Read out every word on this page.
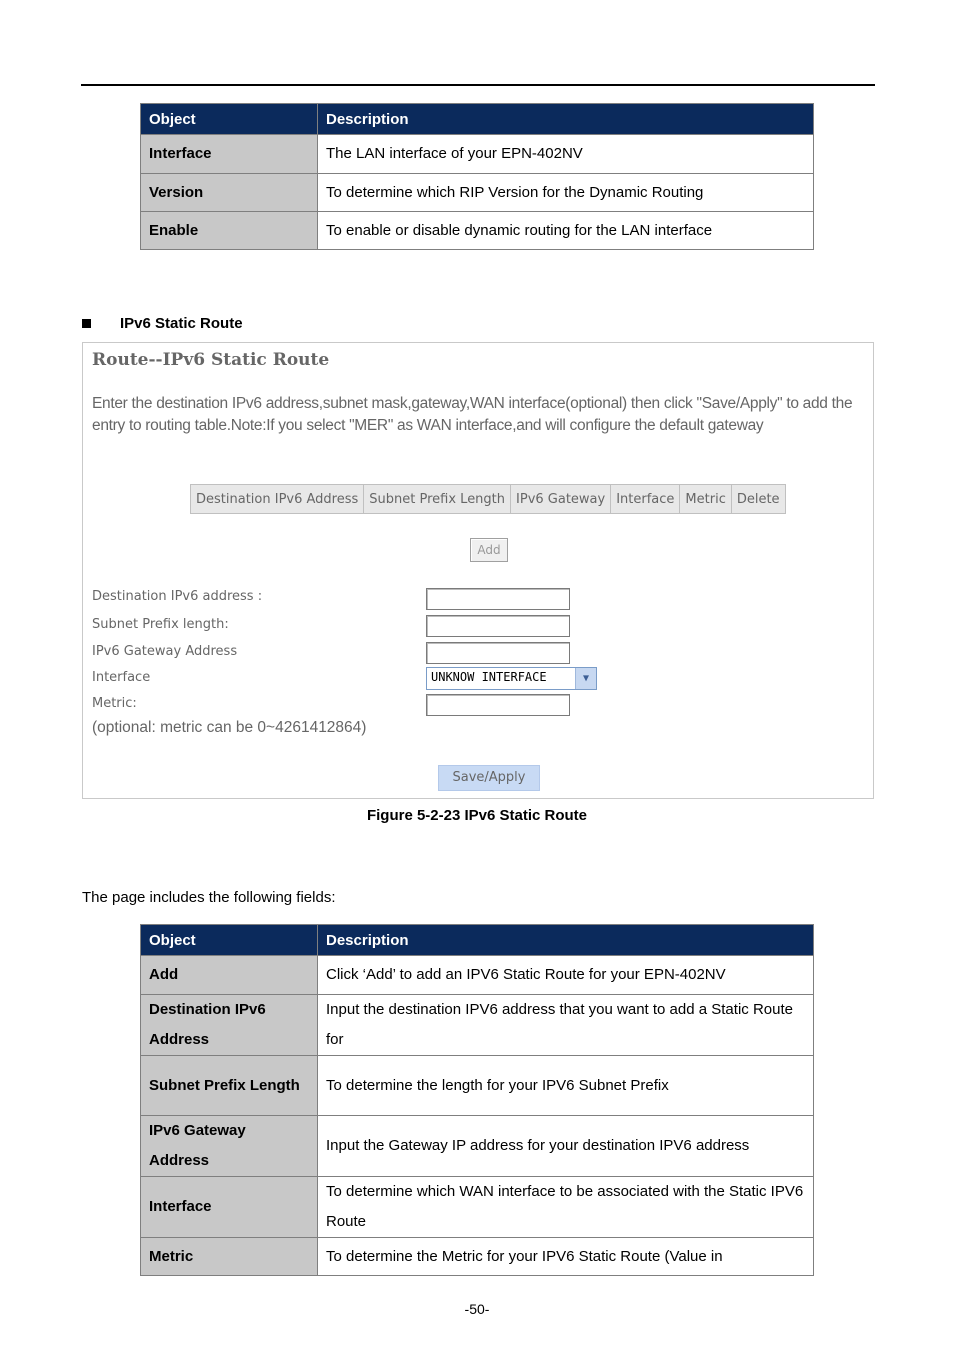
Object	Description
Interface	The LAN interface of your EPN-402NV
Version	To determine which RIP Version for the Dynamic Routing
Enable	To enable or disable dynamic routing for the LAN interface
IPv6 Static Route
Route--IPv6 Static Route
Enter the destination IPv6 address,subnet mask,gateway,WAN interface(optional) then click "Save/Apply" to add the entry to routing table.Note:If you select "MER" as WAN interface,and will configure the default gateway
Destination IPv6 Address	Subnet Prefix Length	IPv6 Gateway	Interface	Metric	Delete
Add
Destination IPv6 address :
Subnet Prefix length:
IPv6 Gateway Address
Interface	UNKNOW INTERFACE	▼
Metric:
(optional: metric can be 0~4261412864)
Save/Apply
Figure 5-2-23 IPv6 Static Route
The page includes the following fields:
Object	Description
Add	Click ‘Add’ to add an IPV6 Static Route for your EPN-402NV
Destination IPv6 Address	Input the destination IPV6 address that you want to add a Static Route for
Subnet Prefix Length	To determine the length for your IPV6 Subnet Prefix
IPv6 Gateway Address	Input the Gateway IP address for your destination IPV6 address
Interface	To determine which WAN interface to be associated with the Static IPV6 Route
Metric	To determine the Metric for your IPV6 Static Route (Value in
-50-
